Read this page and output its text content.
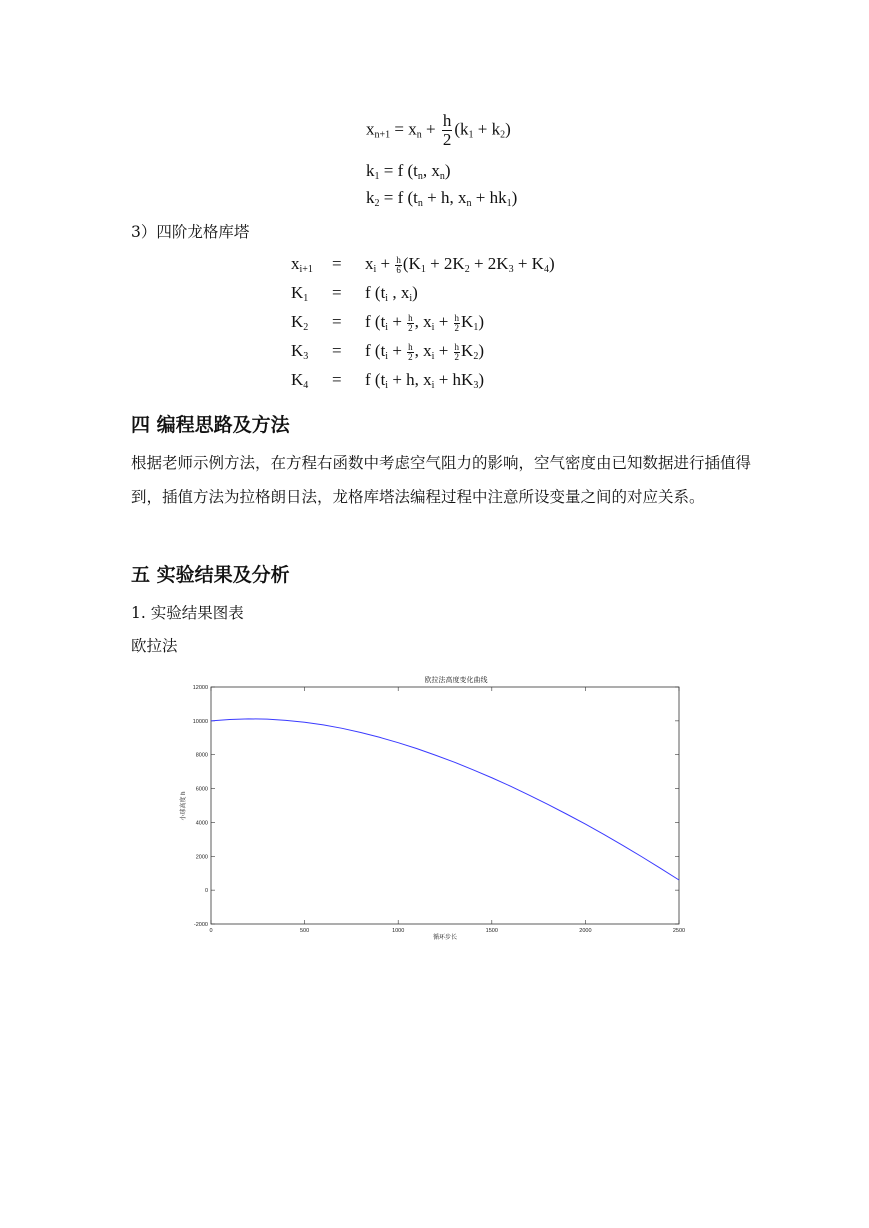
$x_{n+1} = x_n + \frac{h}{2} (k_1 + k_2)$
$k_1 = f$ ($t_n$, $x_n$)
$k_2 = f$ ($t_n + h$, $x_n + hk_1$)
3）四阶龙格库塔
$x_{i+1} = x_i + \frac{h}{6} (K_1 + 2K_2 + 2K_3 + K_4)$
$K_1 = f$ ($t_i$ , $x_i$)
$K_2 = f$ ($t_i + \frac{h}{2}$ , $x_i + \frac{h}{2} K_1$)
$K_3 = f$ ($t_i + \frac{h}{2}$ , $x_i + \frac{h}{2} K_2$)
$K_4 = f$ ($t_i + h$, $x_i + hK_3$)
四 编程思路及方法
根据老师示例方法，在方程右函数中考虑空气阻力的影响，空气密度由已知数据进行插值得到，插值方法为拉格朗日法，龙格库塔法编程过程中注意所设变量之间的对应关系。
五 实验结果及分析
1. 实验结果图表
欧拉法
欧拉法高度变化曲线
-2000
0
2000
4000
6000
8000
10000
12000
0	500	1000	1500	2000	2500
循环步长
小球高度 h
